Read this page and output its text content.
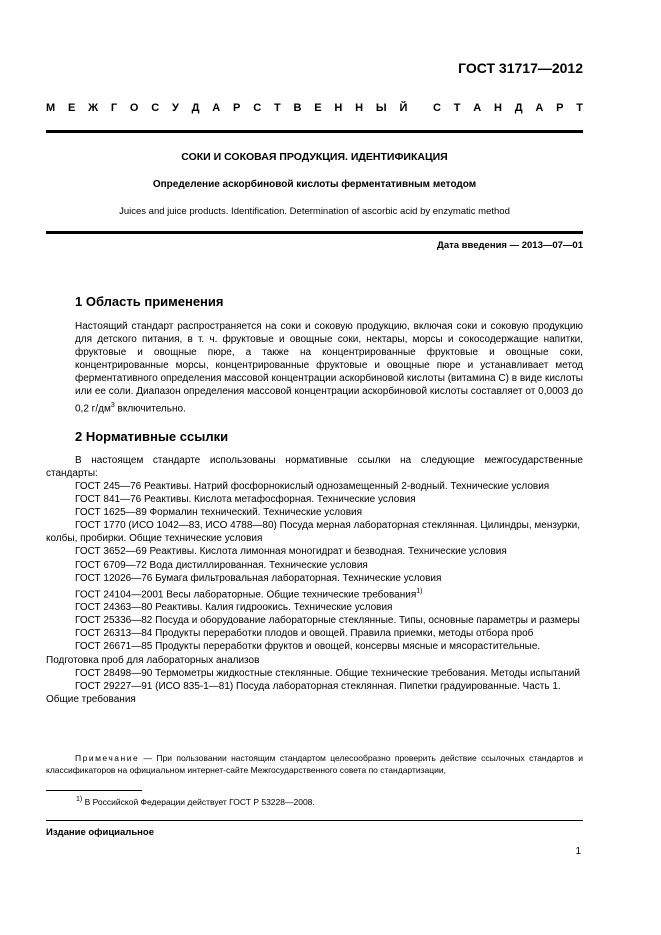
ГОСТ 31717—2012
М Е Ж Г О С У Д А Р С Т В Е Н Н Ы Й С Т А Н Д А Р Т
СОКИ И СОКОВАЯ ПРОДУКЦИЯ. ИДЕНТИФИКАЦИЯ
Определение аскорбиновой кислоты ферментативным методом
Juices and juice products. Identification. Determination of ascorbic acid by enzymatic method
Дата введения — 2013—07—01
1 Область применения
Настоящий стандарт распространяется на соки и соковую продукцию, включая соки и соковую продукцию для детского питания, в т. ч. фруктовые и овощные соки, нектары, морсы и сокосодержащие напитки, фруктовые и овощные пюре, а также на концентрированные фруктовые и овощные соки, концентрированные морсы, концентрированные фруктовые и овощные пюре и устанавливает метод ферментативного определения массовой концентрации аскорбиновой кислоты (витамина С) в виде кислоты или ее соли. Диапазон определения массовой концентрации аскорбиновой кислоты составляет от 0,0003 до 0,2 $г/дм^3$ включительно.
2 Нормативные ссылки
В настоящем стандарте использованы нормативные ссылки на следующие межгосударственные стандарты:
ГОСТ 245—76 Реактивы. Натрий фосфорнокислый однозамещенный 2-водный. Технические условия
ГОСТ 841—76 Реактивы. Кислота метафосфорная. Технические условия
ГОСТ 1625—89 Формалин технический. Технические условия
ГОСТ 1770 (ИСО 1042—83, ИСО 4788—80) Посуда мерная лабораторная стеклянная. Цилиндры, мензурки, колбы, пробирки. Общие технические условия
ГОСТ 3652—69 Реактивы. Кислота лимонная моногидрат и безводная. Технические условия
ГОСТ 6709—72 Вода дистиллированная. Технические условия
ГОСТ 12026—76 Бумага фильтровальная лабораторная. Технические условия
ГОСТ 24104—2001 Весы лабораторные. Общие технические требования$^{1)}$
ГОСТ 24363—80 Реактивы. Калия гидроокись. Технические условия
ГОСТ 25336—82 Посуда и оборудование лабораторные стеклянные. Типы, основные параметры и размеры
ГОСТ 26313—84 Продукты переработки плодов и овощей. Правила приемки, методы отбора проб
ГОСТ 26671—85 Продукты переработки фруктов и овощей, консервы мясные и мясорастительные. Подготовка проб для лабораторных анализов
ГОСТ 28498—90 Термометры жидкостные стеклянные. Общие технические требования. Методы испытаний
ГОСТ 29227—91 (ИСО 835-1—81) Посуда лабораторная стеклянная. Пипетки градуированные. Часть 1. Общие требования
Примечание — При пользовании настоящим стандартом целесообразно проверить действие ссылочных стандартов и классификаторов на официальном интернет-сайте Межгосударственного совета по стандартизации,
$^{1)}$ В Российской Федерации действует ГОСТ Р 53228—2008.
Издание официальное
1
